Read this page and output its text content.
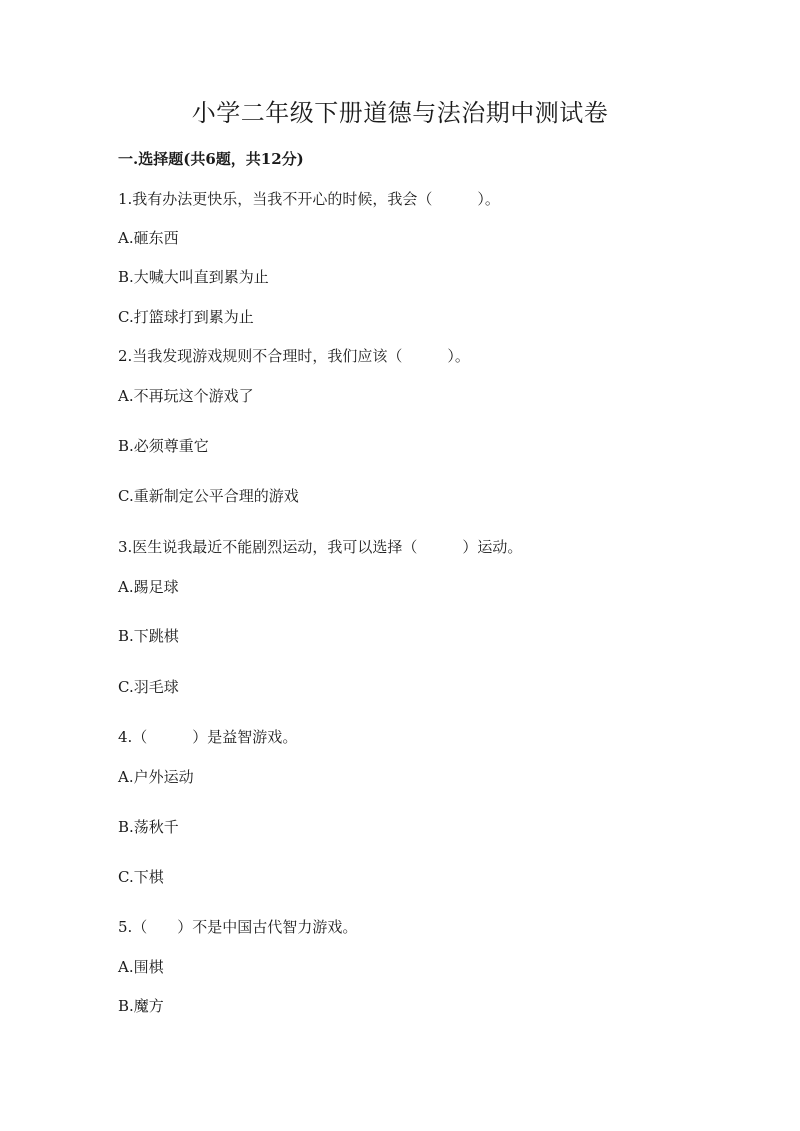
小学二年级下册道德与法治期中测试卷
一.选择题(共6题，共12分)
1.我有办法更快乐，当我不开心的时候，我会（　　　）。
A.砸东西
B.大喊大叫直到累为止
C.打篮球打到累为止
2.当我发现游戏规则不合理时，我们应该（　　　）。
A.不再玩这个游戏了
B.必须尊重它
C.重新制定公平合理的游戏
3.医生说我最近不能剧烈运动，我可以选择（　　　）运动。
A.踢足球
B.下跳棋
C.羽毛球
4.（　　　）是益智游戏。
A.户外运动
B.荡秋千
C.下棋
5.（　　）不是中国古代智力游戏。
A.围棋
B.魔方
